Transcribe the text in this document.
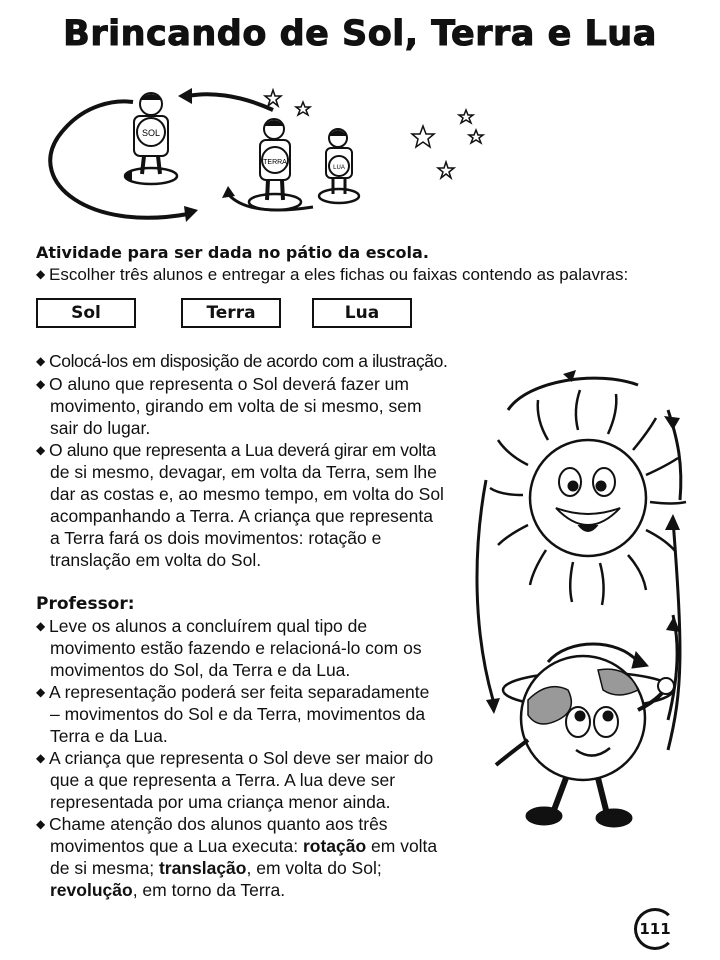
Brincando de Sol, Terra e Lua
SOL
TERRA
LUA
Atividade para ser dada no pátio da escola.
◆ Escolher três alunos e entregar a eles fichas ou faixas contendo as palavras:
Sol	Terra	Lua
◆ Colocá-los em disposição de acordo com a ilustração.
◆ O aluno que representa o Sol deverá fazer um
movimento, girando em volta de si mesmo, sem
sair do lugar.
◆ O aluno que representa a Lua deverá girar em volta
de si mesmo, devagar, em volta da Terra, sem lhe
dar as costas e, ao mesmo tempo, em volta do Sol
acompanhando a Terra. A criança que representa
a Terra fará os dois movimentos: rotação e
translação em volta do Sol.
Professor:
◆ Leve os alunos a concluírem qual tipo de
movimento estão fazendo e relacioná-lo com os
movimentos do Sol, da Terra e da Lua.
◆ A representação poderá ser feita separadamente
– movimentos do Sol e da Terra, movimentos da
Terra e da Lua.
◆ A criança que representa o Sol deve ser maior do
que a que representa a Terra. A lua deve ser
representada por uma criança menor ainda.
◆ Chame atenção dos alunos quanto aos três
movimentos que a Lua executa: rotação em volta
de si mesma; translação, em volta do Sol;
revolução, em torno da Terra.
111
